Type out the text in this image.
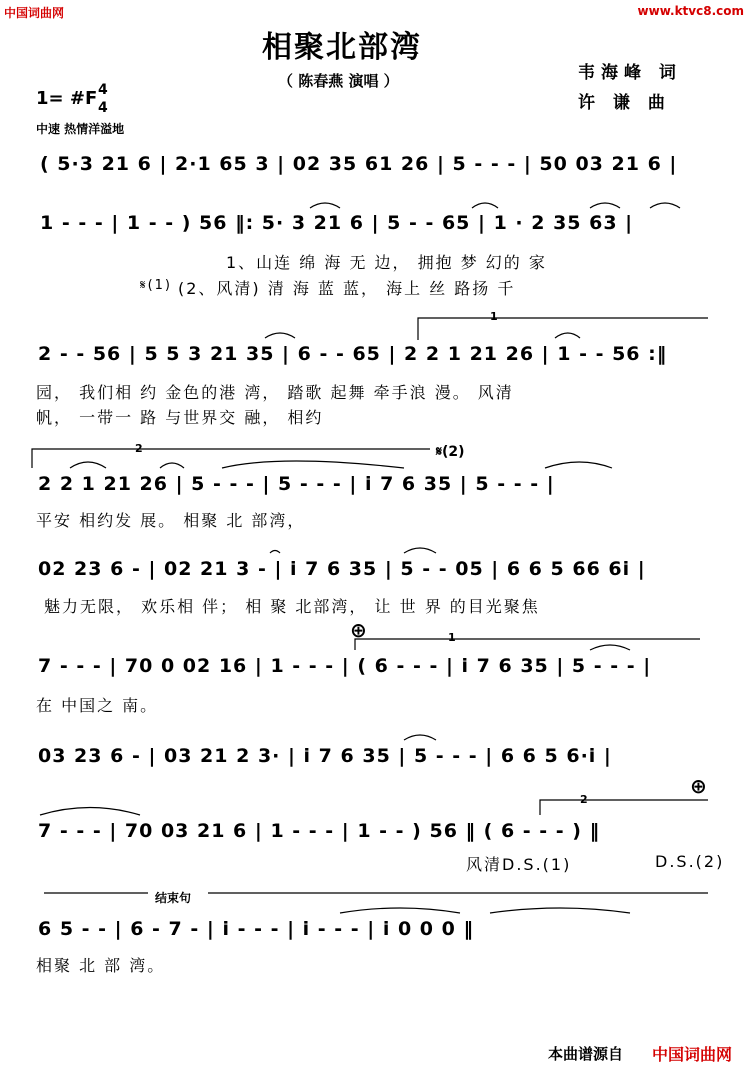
中国词曲网	www.ktvc8.com
相聚北部湾
（ 陈春燕 演唱 ）	韦海峰 词
许 谦 曲
1= #F 4
4
中速 热情洋溢地
( 5·3 21 6 | 2·1 65 3 | 02 35 61 26 | 5 - - - | 50 03 21 6 |
1 - - - | 1 - - ) 56 ‖: 5· 3 21 6 | 5 - - 65 | 1 · 2 35 63 |
1、山连 绵 海 无 边， 拥抱 梦 幻的 家
𝄋(1) (2、风清) 清 海 蓝 蓝， 海上 丝 路扬 千
1
2 - - 56 | 5 5 3 21 35 | 6 - - 65 | 2 2 1 21 26 | 1 - - 56 :‖
园， 我们相 约 金色的港 湾， 踏歌 起舞 牵手浪 漫。 风清
帆， 一带一 路 与世界交 融， 相约
2	𝄋(2)
2 2 1 21 26 | 5 - - - | 5 - - - | i 7 6 35 | 5 - - - |
平安 相约发 展。 相聚 北 部湾，
02 23 6 - | 02 21 3 - | i 7 6 35 | 5 - - 05 | 6 6 5 66 6i |
魅力无限， 欢乐相 伴； 相 聚 北部湾， 让 世 界 的目光聚焦
⊕	1
7 - - - | 70 0 02 16 | 1 - - - | ( 6 - - - | i 7 6 35 | 5 - - - |
在 中国之 南。
03 23 6 - | 03 21 2 3· | i 7 6 35 | 5 - - - | 6 6 5 6·i |
⊕
2
7 - - - | 70 03 21 6 | 1 - - - | 1 - - ) 56 ‖ ( 6 - - - ) ‖
风清D.S.(1)	D.S.(2)
结束句
6 5 - - | 6 - 7 - | i - - - | i - - - | i 0 0 0 ‖
相聚 北 部 湾。
本曲谱源自 中国词曲网
